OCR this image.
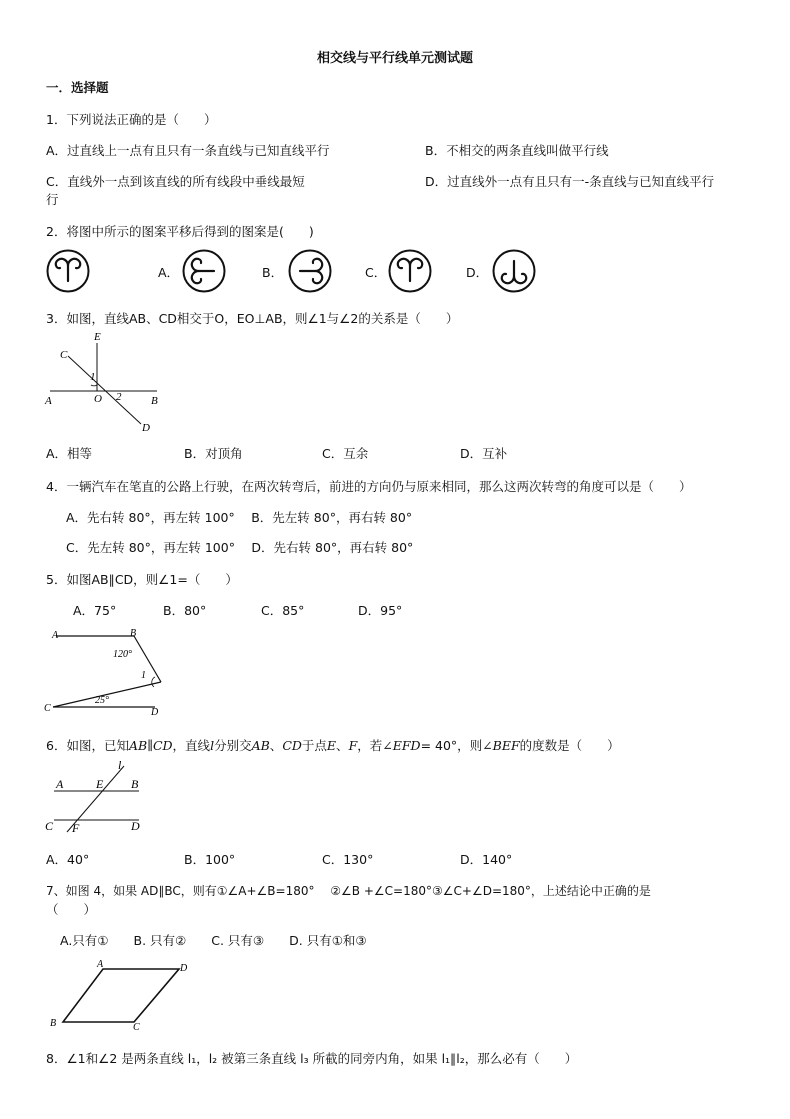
相交线与平行线单元测试题
一．选择题
1．下列说法正确的是（　　）
A．过直线上一点有且只有一条直线与已知直线平行	B．不相交的两条直线叫做平行线
C．直线外一点到该直线的所有线段中垂线最短	D．过直线外一点有且只有一-条直线与已知直线平行
行
2．将图中所示的图案平移后得到的图案是(　　)
A．	B．	C．	D．
3．如图，直线AB、CD相交于O，EO⊥AB，则∠1与∠2的关系是（　　）
C
E
1
A	O 2	B
D
A．相等	B．对顶角	C．互余	D．互补
4．一辆汽车在笔直的公路上行驶，在两次转弯后，前进的方向仍与原来相同，那么这两次转弯的角度可以是（　　）
A．先右转 80°，再左转 100°　 B．先左转 80°，再右转 80°
C．先左转 80°，再左转 100°　 D．先右转 80°，再右转 80°
5．如图AB∥CD，则∠1=（　　）
A．75°	B．80°	C．85°	D．95°
A	B
120°
1
25°
C	D
6．如图，已知AB∥CD，直线l分别交AB、CD于点E、F，若∠EFD= 40°，则∠BEF的度数是（　　）
l
A	E B
C F	D
A．40°	B．100°	C．130°	D．140°
7、如图 4，如果 AD∥BC，则有①∠A+∠B=180°　 ②∠B +∠C=180°③∠C+∠D=180°，上述结论中正确的是
（　　）
A.只有①　　B. 只有②　　C. 只有③　　D. 只有①和③
A	D
B	C
8．∠1和∠2 是两条直线 l₁，l₂ 被第三条直线 l₃ 所截的同旁内角，如果 l₁∥l₂，那么必有（　　）
